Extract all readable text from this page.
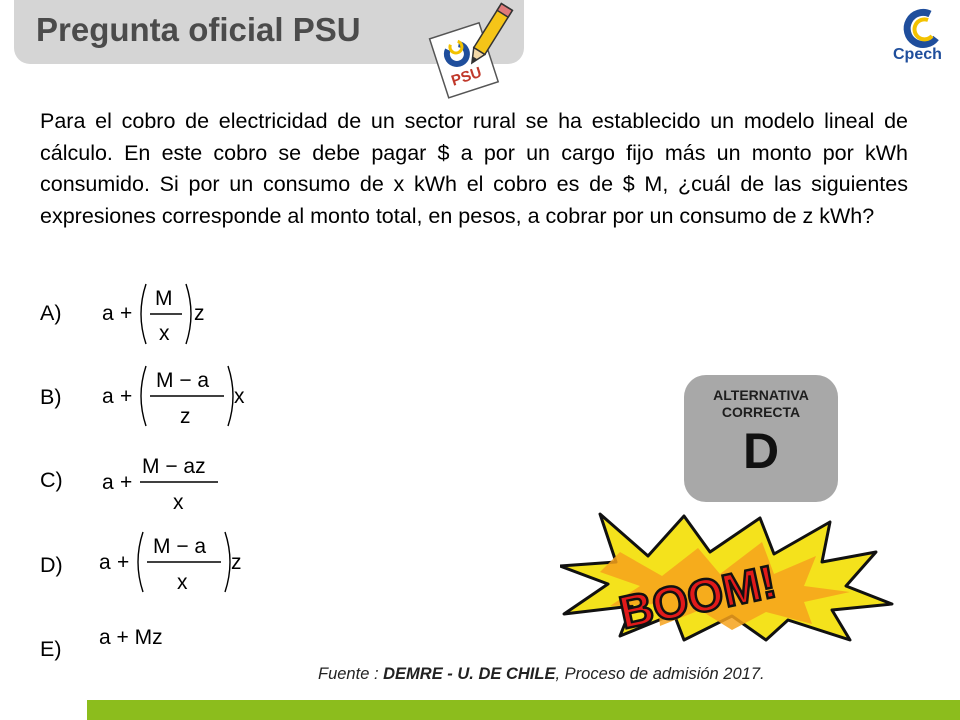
Pregunta oficial PSU
PSU
Cpech
Para el cobro de electricidad de un sector rural se ha establecido un modelo lineal de cálculo. En este cobro se debe pagar $ a por un cargo fijo más un monto por kWh consumido. Si por un consumo de x kWh el cobro es de $ M, ¿cuál de las siguientes expresiones corresponde al monto total, en pesos, a cobrar por un consumo de z kWh?
A)
B)
C)
D)
E)
a +
M
x
z
a +
M − a
z
x
a +
M − az
x
a +
M − a
x
z
a + Mz
ALTERNATIVA
CORRECTA
D
BOOM!
Fuente : DEMRE - U. DE CHILE, Proceso de admisión 2017.
